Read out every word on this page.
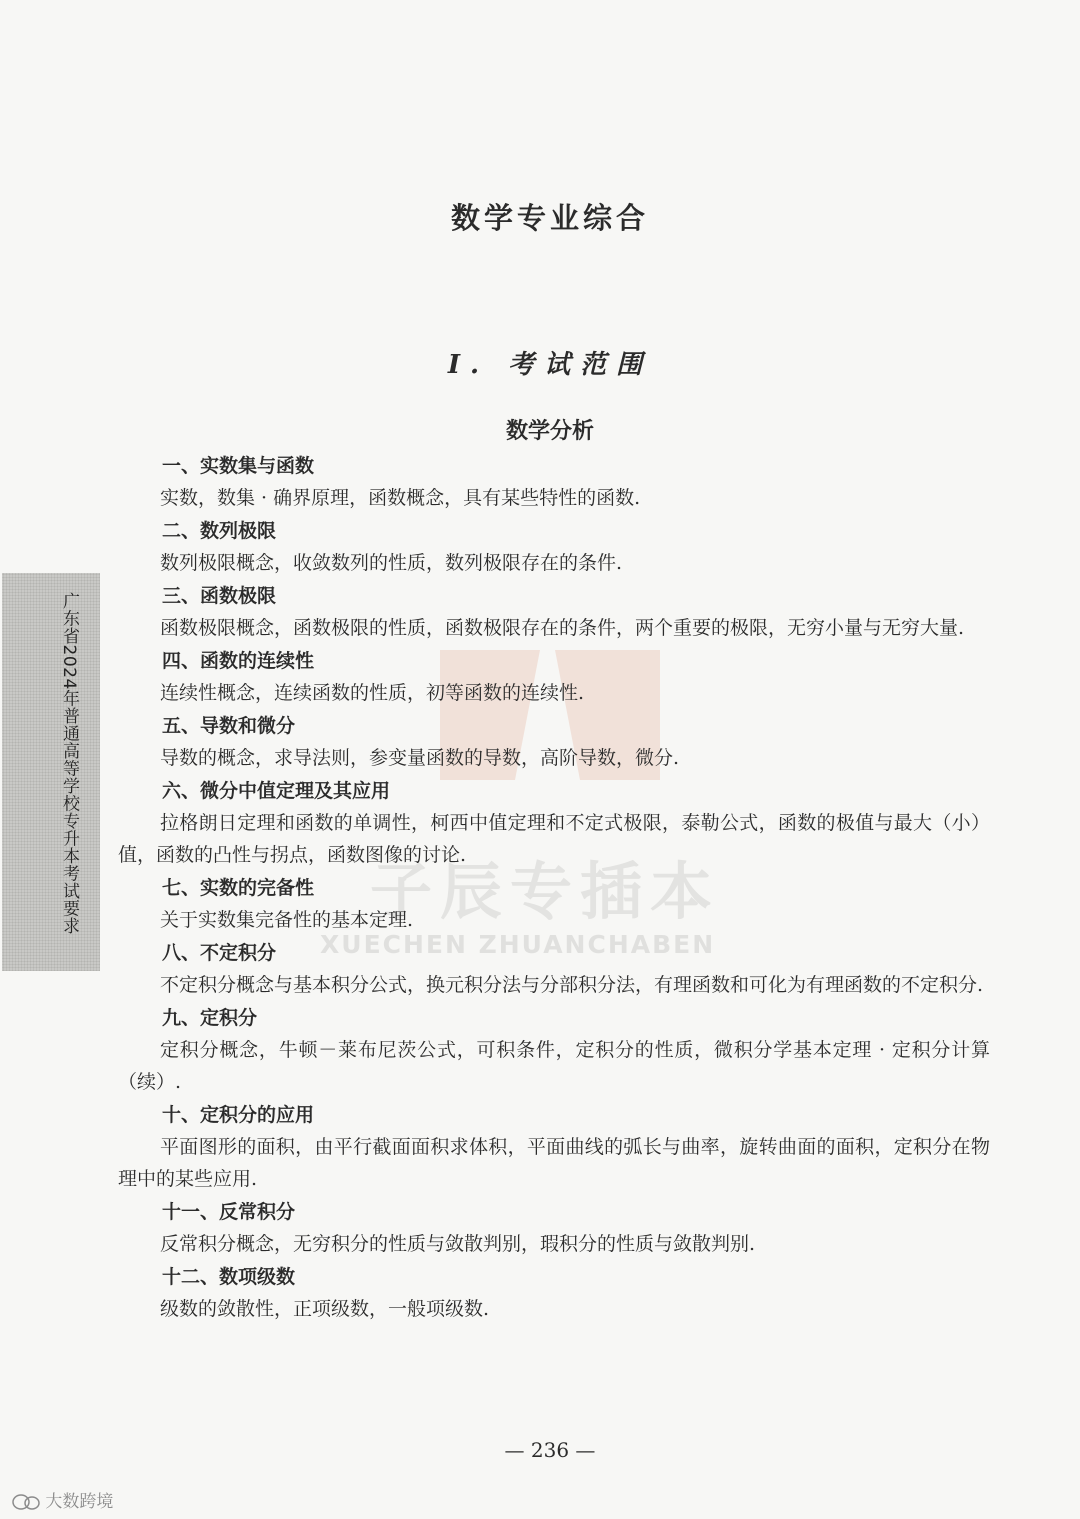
广东省2024年普通高等学校专升本考试要求	子辰专插本
XUECHEN ZHUANCHABEN
数学专业综合
Ⅰ. 考试范围
数学分析
一、实数集与函数
实数，数集 · 确界原理，函数概念，具有某些特性的函数.
二、数列极限
数列极限概念，收敛数列的性质，数列极限存在的条件.
三、函数极限
函数极限概念，函数极限的性质，函数极限存在的条件，两个重要的极限，无穷小量与无穷大量.
四、函数的连续性
连续性概念，连续函数的性质，初等函数的连续性.
五、导数和微分
导数的概念，求导法则，参变量函数的导数，高阶导数，微分.
六、微分中值定理及其应用
拉格朗日定理和函数的单调性，柯西中值定理和不定式极限，泰勒公式，函数的极值与最大（小）值，函数的凸性与拐点，函数图像的讨论.
七、实数的完备性
关于实数集完备性的基本定理.
八、不定积分
不定积分概念与基本积分公式，换元积分法与分部积分法，有理函数和可化为有理函数的不定积分.
九、定积分
定积分概念，牛顿－莱布尼茨公式，可积条件，定积分的性质，微积分学基本定理 · 定积分计算（续）.
十、定积分的应用
平面图形的面积，由平行截面面积求体积，平面曲线的弧长与曲率，旋转曲面的面积，定积分在物理中的某些应用.
十一、反常积分
反常积分概念，无穷积分的性质与敛散判别，瑕积分的性质与敛散判别.
十二、数项级数
级数的敛散性，正项级数，一般项级数.
— 236 —
大数跨境
